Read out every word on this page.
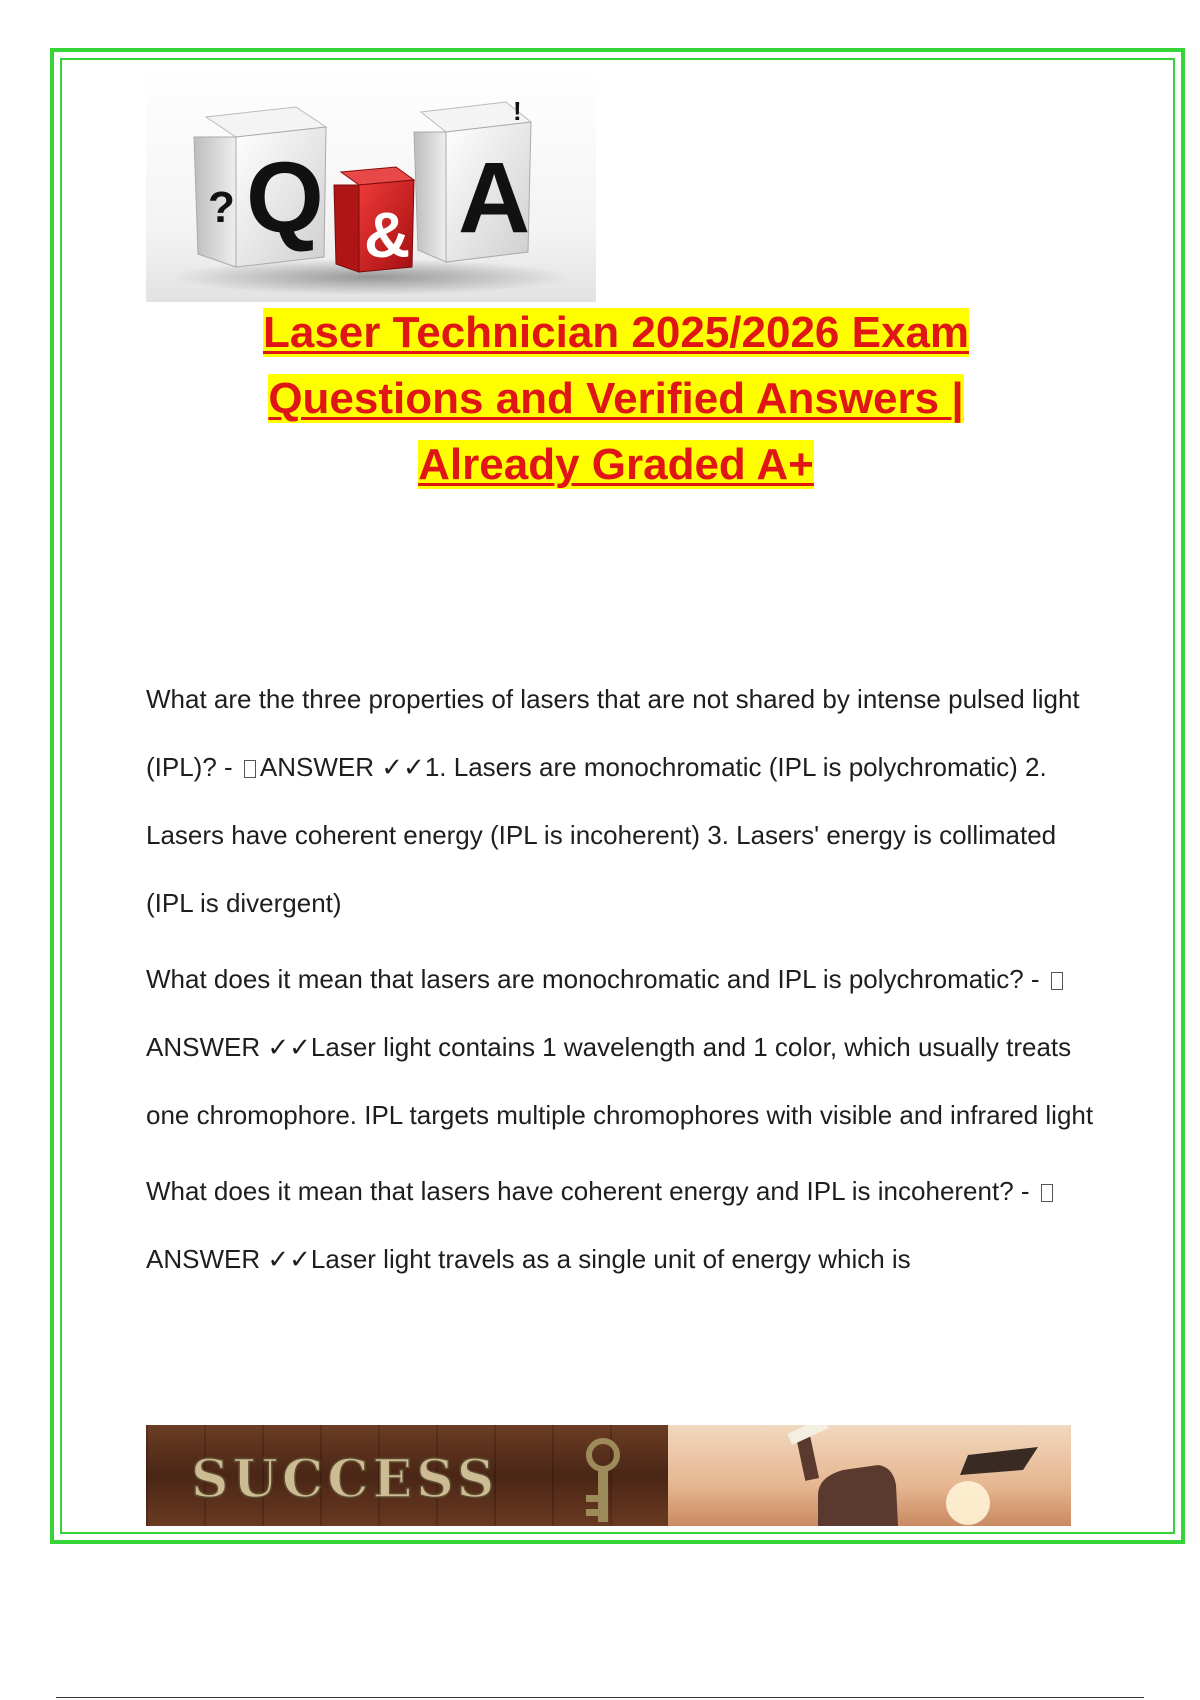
? Q & A
!
Laser Technician 2025/2026 Exam
Questions and Verified Answers |
Already Graded A+

What are the three properties of lasers that are not shared by intense pulsed light (IPL)? - ANSWER ✓✓1. Lasers are monochromatic (IPL is polychromatic) 2. Lasers have coherent energy (IPL is incoherent) 3. Lasers' energy is collimated (IPL is divergent)

What does it mean that lasers are monochromatic and IPL is polychromatic? - ANSWER ✓✓Laser light contains 1 wavelength and 1 color, which usually treats one chromophore. IPL targets multiple chromophores with visible and infrared light

What does it mean that lasers have coherent energy and IPL is incoherent? - ANSWER ✓✓Laser light travels as a single unit of energy which is

SUCCESS
